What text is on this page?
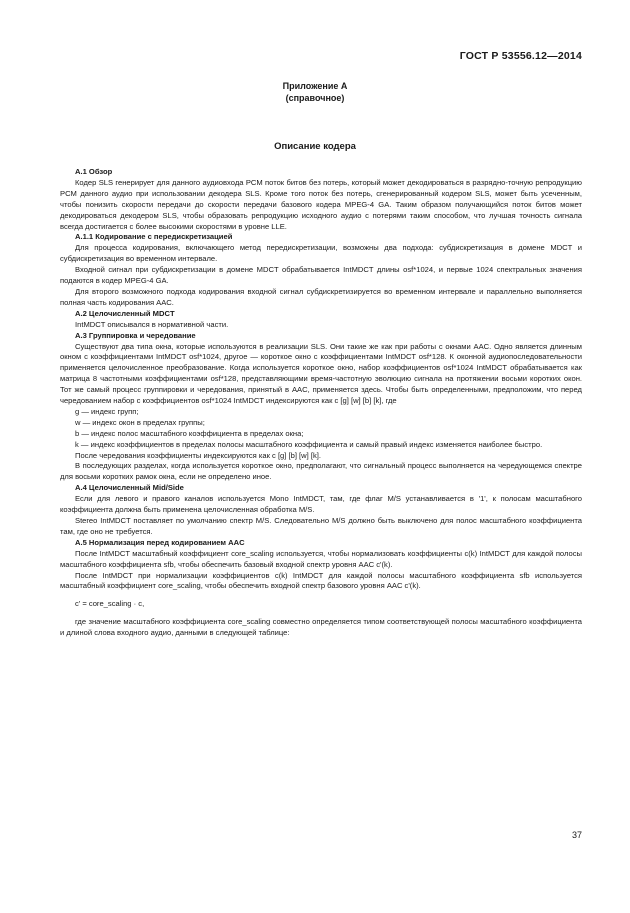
ГОСТ Р 53556.12—2014
Приложение А
(справочное)
Описание кодера
А.1 Обзор

Кодер SLS генерирует для данного аудиовхода PCM поток битов без потерь, который может декодироваться в разрядно-точную репродукцию PCM данного аудио при использовании декодера SLS. Кроме того поток без потерь, сгенерированный кодером SLS, может быть усеченным, чтобы понизить скорости передачи до скорости передачи базового кодера MPEG-4 GA. Таким образом получающийся поток битов может декодироваться декодером SLS, чтобы образовать репродукцию исходного аудио с потерями таким способом, что лучшая точность сигнала всегда достигается с более высокими скоростями в уровне LLE.

А.1.1 Кодирование с передискретизацией

Для процесса кодирования, включающего метод передискретизации, возможны два подхода: субдискретизация в домене MDCT и субдискретизация во временном интервале.

Входной сигнал при субдискретизации в домене MDCT обрабатывается IntMDCT длины osf*1024, и первые 1024 спектральных значения подаются в кодер MPEG-4 GA.

Для второго возможного подхода кодирования входной сигнал субдискретизируется во временном интервале и параллельно выполняется полная часть кодирования AAC.

А.2 Целочисленный MDCT

IntMDCT описывался в нормативной части.

А.3 Группировка и чередование

Существуют два типа окна, которые используются в реализации SLS. Они такие же как при работы с окнами AAC. Одно является длинным окном с коэффициентами IntMDCT osf*1024, другое — короткое окно с коэффициентами IntMDCT osf*128. К оконной аудиопоследовательности применяется целочисленное преобразование. Когда используется короткое окно, набор коэффициентов osf*1024 IntMDCT обрабатывается как матрица 8 частотными коэффициентами osf*128, представляющими время-частотную эволюцию сигнала на протяжении восьми коротких окон. Тот же самый процесс группировки и чередования, принятый в AAC, применяется здесь. Чтобы быть определенными, предположим, что перед чередованием набор с коэффициентов osf*1024 IntMDCT индексируются как c [g] [w] [b] [k], где

g — индекс групп;

w — индекс окон в пределах группы;

b — индекс полос масштабного коэффициента в пределах окна;

k — индекс коэффициентов в пределах полосы масштабного коэффициента и самый правый индекс изменяется наиболее быстро.

После чередования коэффициенты индексируются как c [g] [b] [w] [k].

В последующих разделах, когда используется короткое окно, предполагают, что сигнальный процесс выполняется на чередующемся спектре для восьми коротких рамок окна, если не определено иное.

А.4 Целочисленный Mid/Side

Если для левого и правого каналов используется Mono IntMDCT, там, где флаг M/S устанавливается в '1', к полосам масштабного коэффициента должна быть применена целочисленная обработка M/S.

Stereo IntMDCT поставляет по умолчанию спектр M/S. Следовательно M/S должно быть выключено для полос масштабного коэффициента там, где оно не требуется.

А.5 Нормализация перед кодированием AAC

После IntMDCT масштабный коэффициент core_scaling используется, чтобы нормализовать коэффициенты c(k) IntMDCT для каждой полосы масштабного коэффициента sfb, чтобы обеспечить базовый входной спектр уровня AAC c'(k).

После IntMDCT при нормализации коэффициентов c(k) IntMDCT для каждой полосы масштабного коэффициента sfb используется масштабный коэффициент core_scaling, чтобы обеспечить входной спектр базового уровня AAC c'(k).

c' = core_scaling · c,

где значение масштабного коэффициента core_scaling совместно определяется типом соответствующей полосы масштабного коэффициента и длиной слова входного аудио, данными в следующей таблице:

37
